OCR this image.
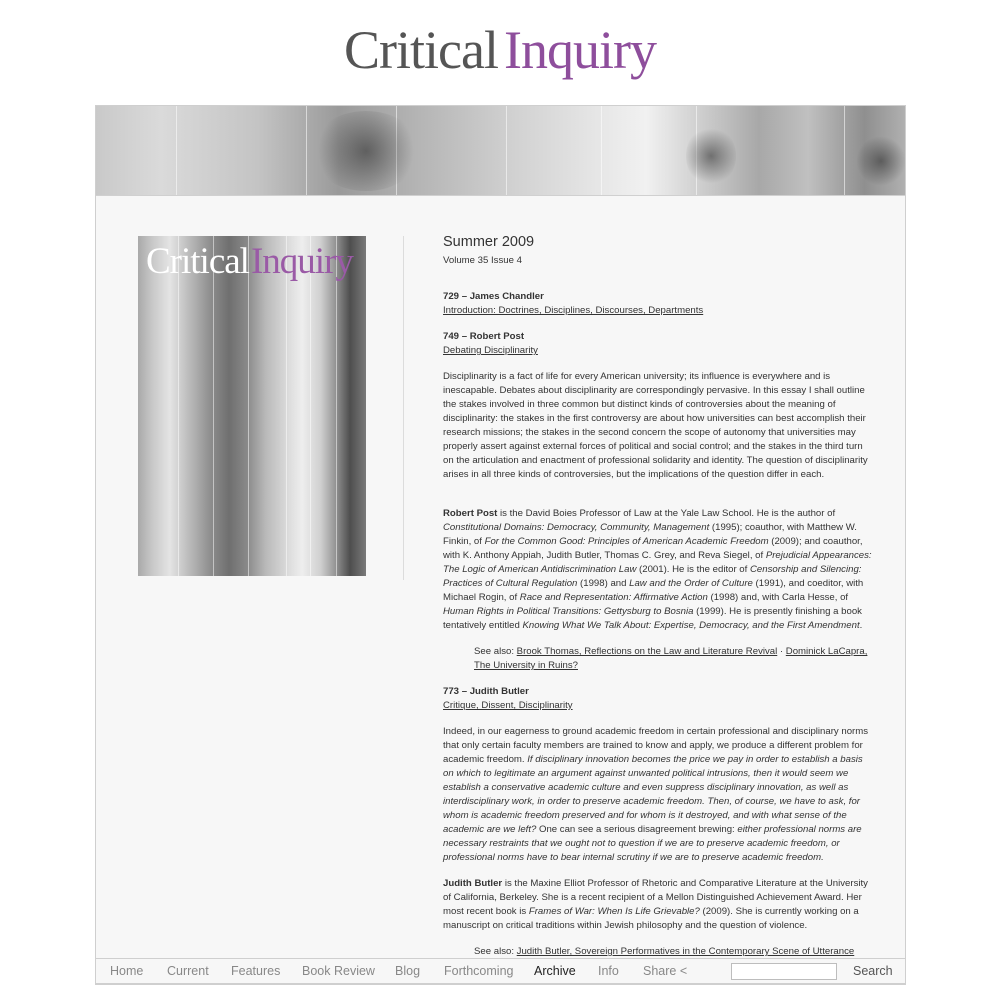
Critical Inquiry
CriticalInquiry	Summer 2009
Volume 35 Issue 4
729 – James Chandler
Introduction: Doctrines, Disciplines, Discourses, Departments
749 – Robert Post
Debating Disciplinarity

Disciplinarity is a fact of life for every American university; its influence is everywhere and is inescapable. Debates about disciplinarity are correspondingly pervasive. In this essay I shall outline the stakes involved in three common but distinct kinds of controversies about the meaning of disciplinarity: the stakes in the first controversy are about how universities can best accomplish their research missions; the stakes in the second concern the scope of autonomy that universities may properly assert against external forces of political and social control; and the stakes in the third turn on the articulation and enactment of professional solidarity and identity. The question of disciplinarity arises in all three kinds of controversies, but the implications of the question differ in each.

Robert Post is the David Boies Professor of Law at the Yale Law School. He is the author of Constitutional Domains: Democracy, Community, Management (1995); coauthor, with Matthew W. Finkin, of For the Common Good: Principles of American Academic Freedom (2009); and coauthor, with K. Anthony Appiah, Judith Butler, Thomas C. Grey, and Reva Siegel, of Prejudicial Appearances: The Logic of American Antidiscrimination Law (2001). He is the editor of Censorship and Silencing: Practices of Cultural Regulation (1998) and Law and the Order of Culture (1991), and coeditor, with Michael Rogin, of Race and Representation: Affirmative Action (1998) and, with Carla Hesse, of Human Rights in Political Transitions: Gettysburg to Bosnia (1999). He is presently finishing a book tentatively entitled Knowing What We Talk About: Expertise, Democracy, and the First Amendment.

See also: Brook Thomas, Reflections on the Law and Literature Revival · Dominick LaCapra, The University in Ruins?
773 – Judith Butler
Critique, Dissent, Disciplinarity

Indeed, in our eagerness to ground academic freedom in certain professional and disciplinary norms that only certain faculty members are trained to know and apply, we produce a different problem for academic freedom. If disciplinary innovation becomes the price we pay in order to establish a basis on which to legitimate an argument against unwanted political intrusions, then it would seem we establish a conservative academic culture and even suppress disciplinary innovation, as well as interdisciplinary work, in order to preserve academic freedom. Then, of course, we have to ask, for whom is academic freedom preserved and for whom is it destroyed, and with what sense of the academic are we left? One can see a serious disagreement brewing: either professional norms are necessary restraints that we ought not to question if we are to preserve academic freedom, or professional norms have to bear internal scrutiny if we are to preserve academic freedom.

Judith Butler is the Maxine Elliot Professor of Rhetoric and Comparative Literature at the University of California, Berkeley. She is a recent recipient of a Mellon Distinguished Achievement Award. Her most recent book is Frames of War: When Is Life Grievable? (2009). She is currently working on a manuscript on critical traditions within Jewish philosophy and the question of violence.

See also: Judith Butler, Sovereign Performatives in the Contemporary Scene of Utterance
Home Current Features Book Review Blog Forthcoming Archive Info Share <	Search
